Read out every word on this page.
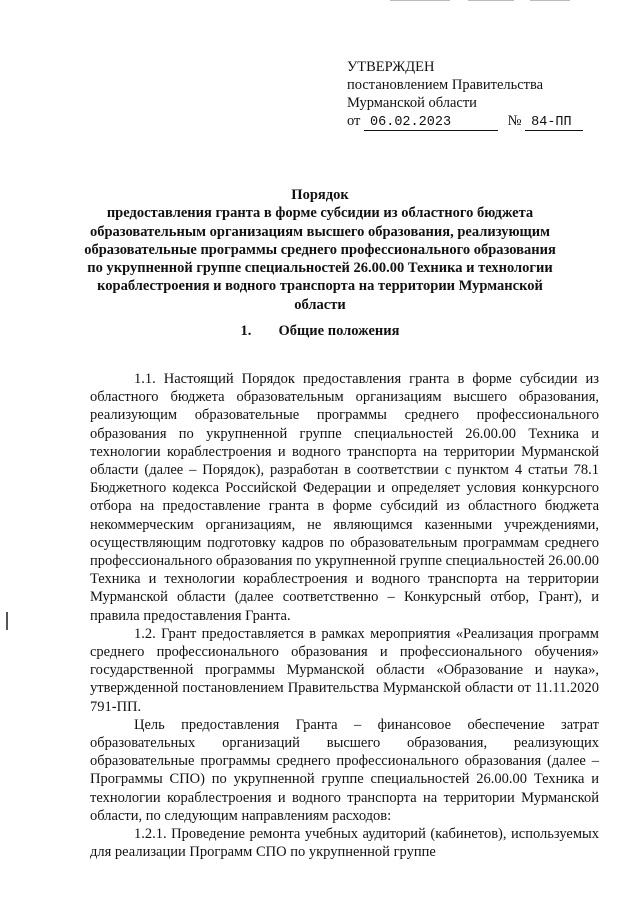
УТВЕРЖДЕН
постановлением Правительства
Мурманской области
от 06.02.2023	№ 84-ПП
Порядок
предоставления гранта в форме субсидии из областного бюджета
образовательным организациям высшего образования, реализующим
образовательные программы среднего профессионального образования
по укрупненной группе специальностей 26.00.00 Техника и технологии
кораблестроения и водного транспорта на территории Мурманской
области
1. Общие положения

1.1. Настоящий Порядок предоставления гранта в форме субсидии из областного бюджета образовательным организациям высшего образования, реализующим образовательные программы среднего профессионального образования по укрупненной группе специальностей 26.00.00 Техника и технологии кораблестроения и водного транспорта на территории Мурманской области (далее – Порядок), разработан в соответствии с пунктом 4 статьи 78.1 Бюджетного кодекса Российской Федерации и определяет условия конкурсного отбора на предоставление гранта в форме субсидий из областного бюджета некоммерческим организациям, не являющимся казенными учреждениями, осуществляющим подготовку кадров по образовательным программам среднего профессионального образования по укрупненной группе специальностей 26.00.00 Техника и технологии кораблестроения и водного транспорта на территории Мурманской области (далее соответственно – Конкурсный отбор, Грант), и правила предоставления Гранта.

1.2. Грант предоставляется в рамках мероприятия «Реализация программ среднего профессионального образования и профессионального обучения» государственной программы Мурманской области «Образование и наука», утвержденной постановлением Правительства Мурманской области от 11.11.2020 791-ПП.

Цель предоставления Гранта – финансовое обеспечение затрат образовательных организаций высшего образования, реализующих образовательные программы среднего профессионального образования (далее – Программы СПО) по укрупненной группе специальностей 26.00.00 Техника и технологии кораблестроения и водного транспорта на территории Мурманской области, по следующим направлениям расходов:

1.2.1. Проведение ремонта учебных аудиторий (кабинетов), используемых для реализации Программ СПО по укрупненной группе
